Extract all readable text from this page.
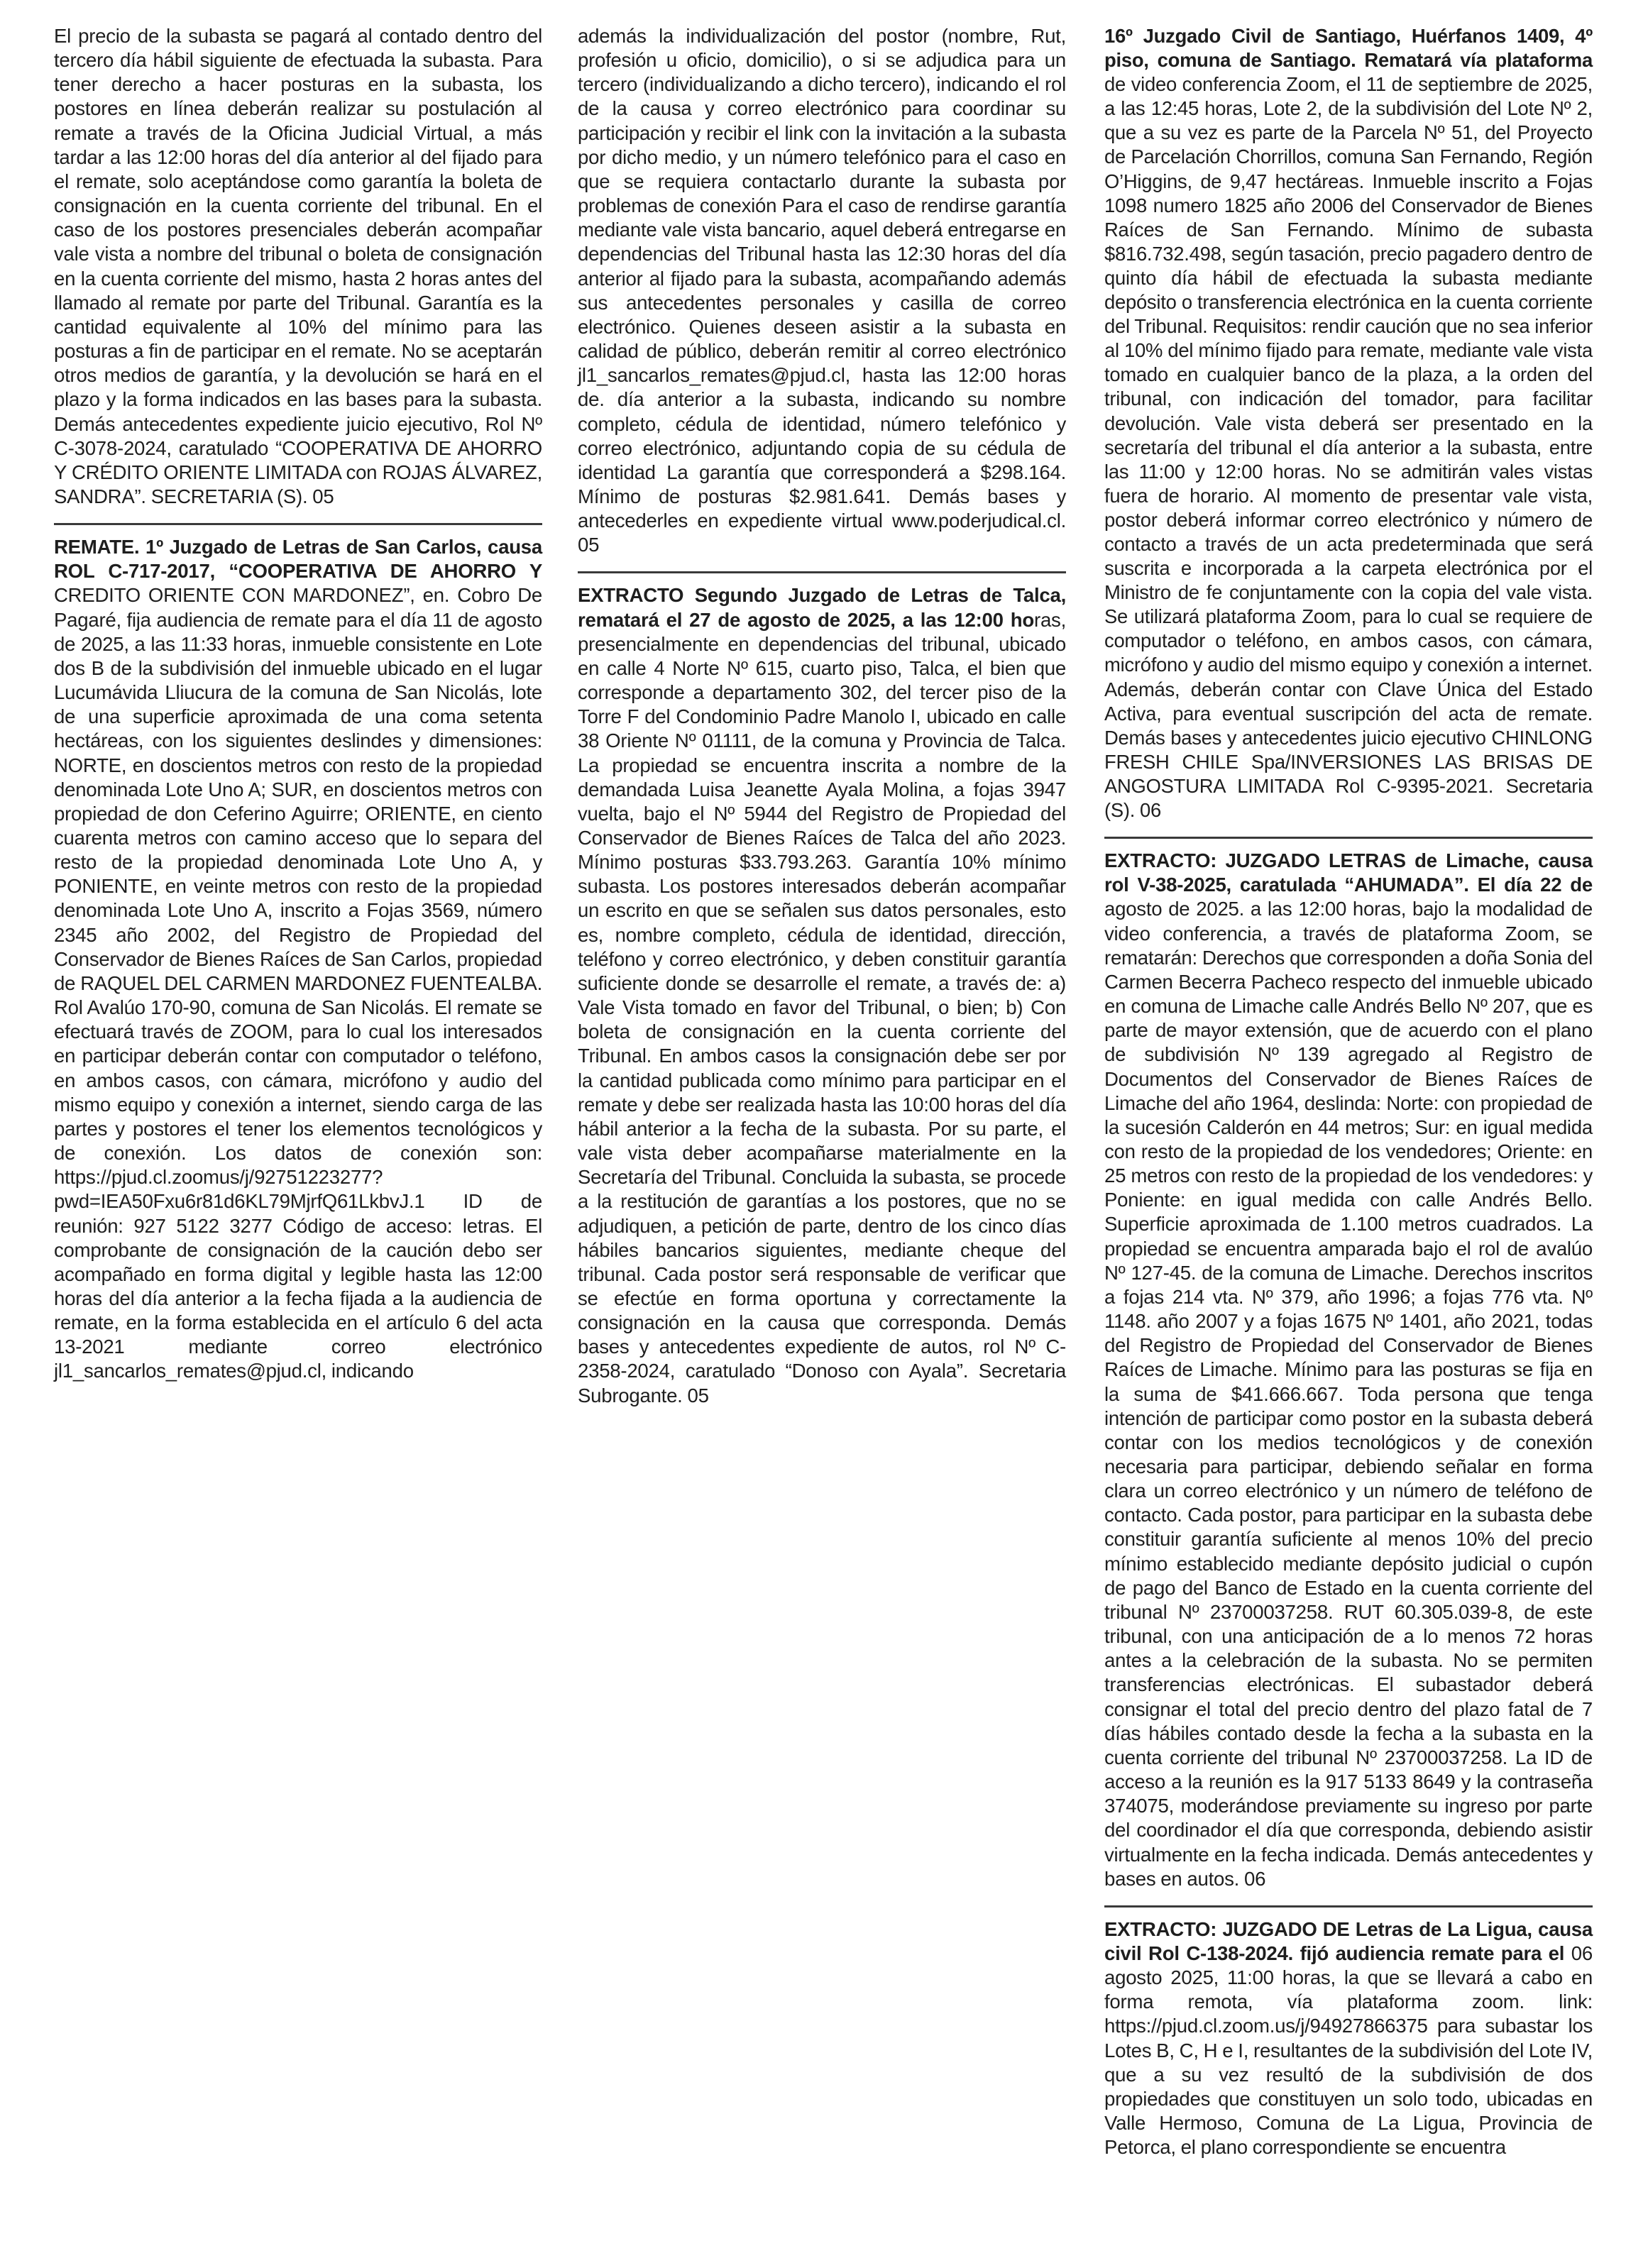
El precio de la subasta se pagará al contado dentro del tercero día hábil siguiente de efectuada la subasta. Para tener derecho a hacer posturas en la subasta, los postores en línea deberán realizar su postulación al remate a través de la Oficina Judicial Virtual, a más tardar a las 12:00 horas del día anterior al del fijado para el remate, solo aceptándose como garantía la boleta de consignación en la cuenta corriente del tribunal. En el caso de los postores presenciales deberán acompañar vale vista a nombre del tribunal o boleta de consignación en la cuenta corriente del mismo, hasta 2 horas antes del llamado al remate por parte del Tribunal. Garantía es la cantidad equivalente al 10% del mínimo para las posturas a fin de participar en el remate. No se aceptarán otros medios de garantía, y la devolución se hará en el plazo y la forma indicados en las bases para la subasta. Demás antecedentes expediente juicio ejecutivo, Rol Nº C-3078-2024, caratulado “COOPERATIVA DE AHORRO Y CRÉDITO ORIENTE LIMITADA con ROJAS ÁLVAREZ, SANDRA”. SECRETARIA (S). 05

REMATE. 1º Juzgado de Letras de San Carlos, causa ROL C-717-2017, “COOPERATIVA DE AHORRO Y CREDITO ORIENTE CON MARDONEZ”, en. Cobro De Pagaré, fija audiencia de remate para el día 11 de agosto de 2025, a las 11:33 horas, inmueble consistente en Lote dos B de la subdivisión del inmueble ubicado en el lugar Lucumávida Lliucura de la comuna de San Nicolás, lote de una superficie aproximada de una coma setenta hectáreas, con los siguientes deslindes y dimensiones: NORTE, en doscientos metros con resto de la propiedad denominada Lote Uno A; SUR, en doscientos metros con propiedad de don Ceferino Aguirre; ORIENTE, en ciento cuarenta metros con camino acceso que lo separa del resto de la propiedad denominada Lote Uno A, y PONIENTE, en veinte metros con resto de la propiedad denominada Lote Uno A, inscrito a Fojas 3569, número 2345 año 2002, del Registro de Propiedad del Conservador de Bienes Raíces de San Carlos, propiedad de RAQUEL DEL CARMEN MARDONEZ FUENTEALBA. Rol Avalúo 170-90, comuna de San Nicolás. El remate se efectuará través de ZOOM, para lo cual los interesados en participar deberán contar con computador o teléfono, en ambos casos, con cámara, micrófono y audio del mismo equipo y conexión a internet, siendo carga de las partes y postores el tener los elementos tecnológicos y de conexión. Los datos de conexión son: https://pjud.cl.zoomus/j/92751223277?pwd=IEA50Fxu6r81d6KL79MjrfQ61LkbvJ.1 ID de reunión: 927 5122 3277 Código de acceso: letras. El comprobante de consignación de la caución debo ser acompañado en forma digital y legible hasta las 12:00 horas del día anterior a la fecha fijada a la audiencia de remate, en la forma establecida en el artículo 6 del acta 13-2021 mediante correo electrónico jl1_sancarlos_remates@pjud.cl, indicando

además la individualización del postor (nombre, Rut, profesión u oficio, domicilio), o si se adjudica para un tercero (individualizando a dicho tercero), indicando el rol de la causa y correo electrónico para coordinar su participación y recibir el link con la invitación a la subasta por dicho medio, y un número telefónico para el caso en que se requiera contactarlo durante la subasta por problemas de conexión Para el caso de rendirse garantía mediante vale vista bancario, aquel deberá entregarse en dependencias del Tribunal hasta las 12:30 horas del día anterior al fijado para la subasta, acompañando además sus antecedentes personales y casilla de correo electrónico. Quienes deseen asistir a la subasta en calidad de público, deberán remitir al correo electrónico jl1_sancarlos_remates@pjud.cl, hasta las 12:00 horas de. día anterior a la subasta, indicando su nombre completo, cédula de identidad, número telefónico y correo electrónico, adjuntando copia de su cédula de identidad La garantía que corresponderá a $298.164. Mínimo de posturas $2.981.641. Demás bases y antecederles en expediente virtual www.poderjudical.cl. 05

EXTRACTO Segundo Juzgado de Letras de Talca, rematará el 27 de agosto de 2025, a las 12:00 horas, presencialmente en dependencias del tribunal, ubicado en calle 4 Norte Nº 615, cuarto piso, Talca, el bien que corresponde a departamento 302, del tercer piso de la Torre F del Condominio Padre Manolo I, ubicado en calle 38 Oriente Nº 01111, de la comuna y Provincia de Talca. La propiedad se encuentra inscrita a nombre de la demandada Luisa Jeanette Ayala Molina, a fojas 3947 vuelta, bajo el Nº 5944 del Registro de Propiedad del Conservador de Bienes Raíces de Talca del año 2023. Mínimo posturas $33.793.263. Garantía 10% mínimo subasta. Los postores interesados deberán acompañar un escrito en que se señalen sus datos personales, esto es, nombre completo, cédula de identidad, dirección, teléfono y correo electrónico, y deben constituir garantía suficiente donde se desarrolle el remate, a través de: a) Vale Vista tomado en favor del Tribunal, o bien; b) Con boleta de consignación en la cuenta corriente del Tribunal. En ambos casos la consignación debe ser por la cantidad publicada como mínimo para participar en el remate y debe ser realizada hasta las 10:00 horas del día hábil anterior a la fecha de la subasta. Por su parte, el vale vista deber acompañarse materialmente en la Secretaría del Tribunal. Concluida la subasta, se procede a la restitución de garantías a los postores, que no se adjudiquen, a petición de parte, dentro de los cinco días hábiles bancarios siguientes, mediante cheque del tribunal. Cada postor será responsable de verificar que se efectúe en forma oportuna y correctamente la consignación en la causa que corresponda. Demás bases y antecedentes expediente de autos, rol Nº C-2358-2024, caratulado “Donoso con Ayala”. Secretaria Subrogante. 05

16º Juzgado Civil de Santiago, Huérfanos 1409, 4º piso, comuna de Santiago. Rematará vía plataforma de video conferencia Zoom, el 11 de septiembre de 2025, a las 12:45 horas, Lote 2, de la subdivisión del Lote Nº 2, que a su vez es parte de la Parcela Nº 51, del Proyecto de Parcelación Chorrillos, comuna San Fernando, Región O’Higgins, de 9,47 hectáreas. Inmueble inscrito a Fojas 1098 numero 1825 año 2006 del Conservador de Bienes Raíces de San Fernando. Mínimo de subasta $816.732.498, según tasación, precio pagadero dentro de quinto día hábil de efectuada la subasta mediante depósito o transferencia electrónica en la cuenta corriente del Tribunal. Requisitos: rendir caución que no sea inferior al 10% del mínimo fijado para remate, mediante vale vista tomado en cualquier banco de la plaza, a la orden del tribunal, con indicación del tomador, para facilitar devolución. Vale vista deberá ser presentado en la secretaría del tribunal el día anterior a la subasta, entre las 11:00 y 12:00 horas. No se admitirán vales vistas fuera de horario. Al momento de presentar vale vista, postor deberá informar correo electrónico y número de contacto a través de un acta predeterminada que será suscrita e incorporada a la carpeta electrónica por el Ministro de fe conjuntamente con la copia del vale vista. Se utilizará plataforma Zoom, para lo cual se requiere de computador o teléfono, en ambos casos, con cámara, micrófono y audio del mismo equipo y conexión a internet. Además, deberán contar con Clave Única del Estado Activa, para eventual suscripción del acta de remate. Demás bases y antecedentes juicio ejecutivo CHINLONG FRESH CHILE Spa/INVERSIONES LAS BRISAS DE ANGOSTURA LIMITADA Rol C-9395-2021. Secretaria (S). 06

EXTRACTO: JUZGADO LETRAS de Limache, causa rol V-38-2025, caratulada “AHUMADA”. El día 22 de agosto de 2025. a las 12:00 horas, bajo la modalidad de video conferencia, a través de plataforma Zoom, se rematarán: Derechos que corresponden a doña Sonia del Carmen Becerra Pacheco respecto del inmueble ubicado en comuna de Limache calle Andrés Bello Nº 207, que es parte de mayor extensión, que de acuerdo con el plano de subdivisión Nº 139 agregado al Registro de Documentos del Conservador de Bienes Raíces de Limache del año 1964, deslinda: Norte: con propiedad de la sucesión Calderón en 44 metros; Sur: en igual medida con resto de la propiedad de los vendedores; Oriente: en 25 metros con resto de la propiedad de los vendedores: y Poniente: en igual medida con calle Andrés Bello. Superficie aproximada de 1.100 metros cuadrados. La propiedad se encuentra amparada bajo el rol de avalúo Nº 127-45. de la comuna de Limache. Derechos inscritos a fojas 214 vta. Nº 379, año 1996; a fojas 776 vta. Nº 1148. año 2007 y a fojas 1675 Nº 1401, año 2021, todas del Registro de Propiedad del Conservador de Bienes Raíces de Limache. Mínimo para las posturas se fija en la suma de $41.666.667. Toda persona que tenga intención de participar como postor en la subasta deberá contar con los medios tecnológicos y de conexión necesaria para participar, debiendo señalar en forma clara un correo electrónico y un número de teléfono de contacto. Cada postor, para participar en la subasta debe constituir garantía suficiente al menos 10% del precio mínimo establecido mediante depósito judicial o cupón de pago del Banco de Estado en la cuenta corriente del tribunal Nº 23700037258. RUT 60.305.039-8, de este tribunal, con una anticipación de a lo menos 72 horas antes a la celebración de la subasta. No se permiten transferencias electrónicas. El subastador deberá consignar el total del precio dentro del plazo fatal de 7 días hábiles contado desde la fecha a la subasta en la cuenta corriente del tribunal Nº 23700037258. La ID de acceso a la reunión es la 917 5133 8649 y la contraseña 374075, moderándose previamente su ingreso por parte del coordinador el día que corresponda, debiendo asistir virtualmente en la fecha indicada. Demás antecedentes y bases en autos. 06

EXTRACTO: JUZGADO DE Letras de La Ligua, causa civil Rol C-138-2024. fijó audiencia remate para el 06 agosto 2025, 11:00 horas, la que se llevará a cabo en forma remota, vía plataforma zoom. link: https://pjud.cl.zoom.us/j/94927866375 para subastar los Lotes B, C, H e I, resultantes de la subdivisión del Lote IV, que a su vez resultó de la subdivisión de dos propiedades que constituyen un solo todo, ubicadas en Valle Hermoso, Comuna de La Ligua, Provincia de Petorca, el plano correspondiente se encuentra
